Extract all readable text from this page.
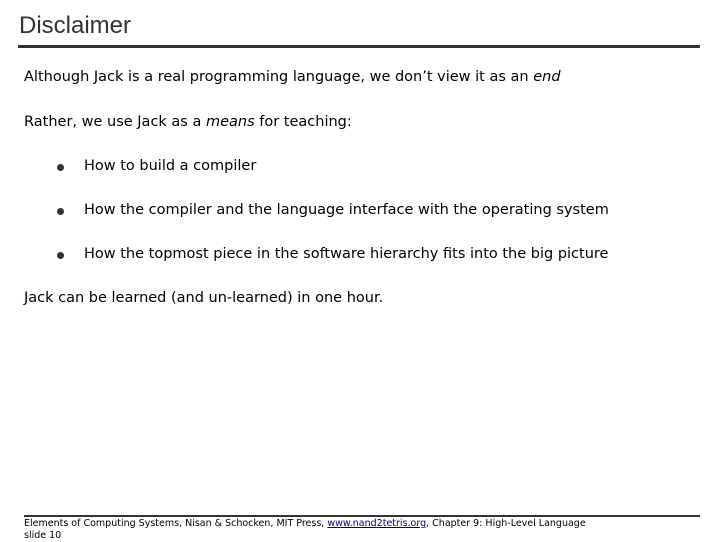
Disclaimer
Although Jack is a real programming language, we don’t view it as an end
Rather, we use Jack as a means for teaching:
How to build a compiler
How the compiler and the language interface with the operating system
How the topmost piece in the software hierarchy fits into the big picture
Jack can be learned (and un-learned) in one hour.
Elements of Computing Systems, Nisan & Schocken, MIT Press, www.nand2tetris.org, Chapter 9: High-Level Language
slide 10
